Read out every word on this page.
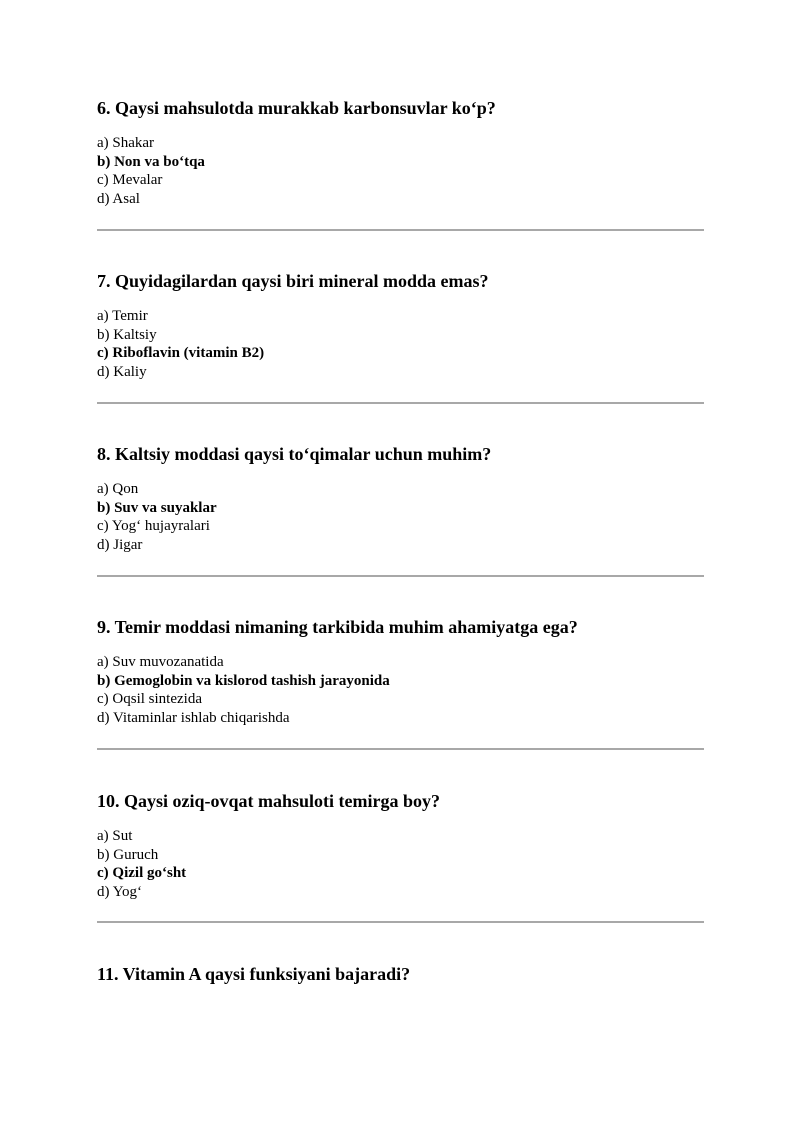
6. Qaysi mahsulotda murakkab karbonsuvlar ko‘p?

a) Shakar
b) Non va bo‘tqa
c) Mevalar
d) Asal

7. Quyidagilardan qaysi biri mineral modda emas?

a) Temir
b) Kaltsiy
c) Riboflavin (vitamin B2)
d) Kaliy

8. Kaltsiy moddasi qaysi to‘qimalar uchun muhim?

a) Qon
b) Suv va suyaklar
c) Yog‘ hujayralari
d) Jigar

9. Temir moddasi nimaning tarkibida muhim ahamiyatga ega?

a) Suv muvozanatida
b) Gemoglobin va kislorod tashish jarayonida
c) Oqsil sintezida
d) Vitaminlar ishlab chiqarishda

10. Qaysi oziq-ovqat mahsuloti temirga boy?

a) Sut
b) Guruch
c) Qizil go‘sht
d) Yog‘

11. Vitamin A qaysi funksiyani bajaradi?
